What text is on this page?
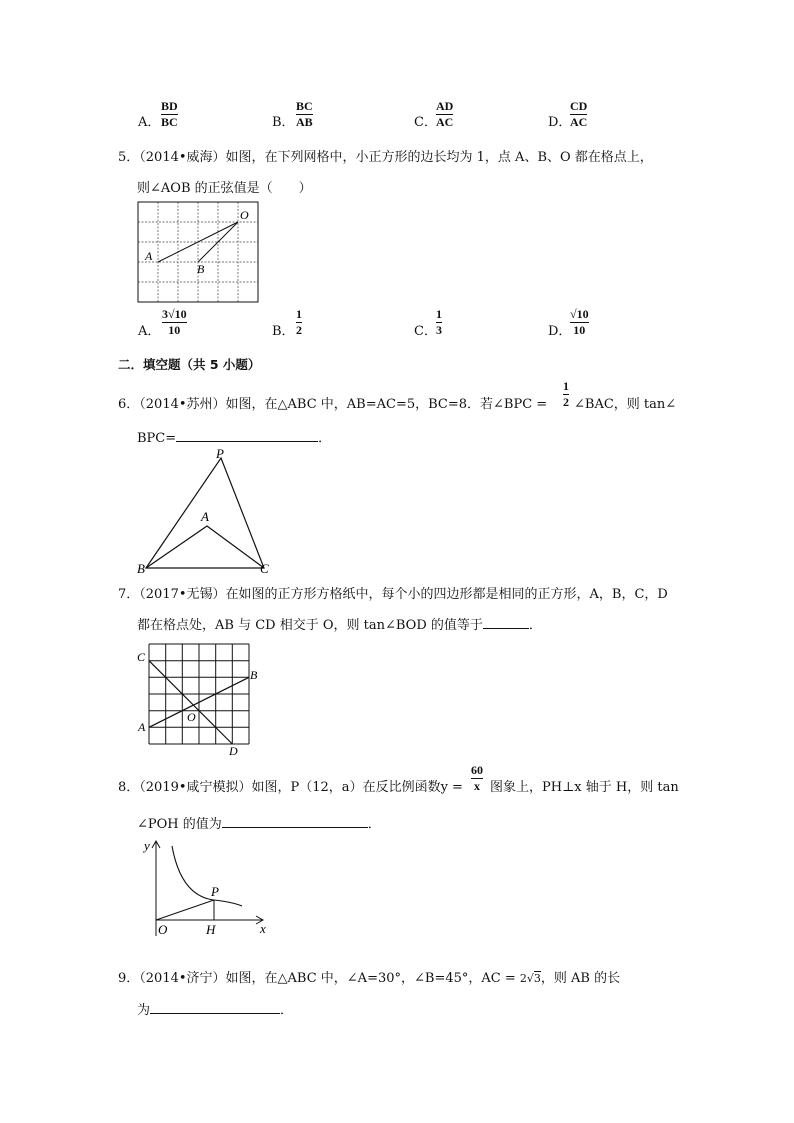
A．
BD
BC	B．
BC
AB	C．
AD
AC	D．
CD
AC
5．（2014•威海）如图，在下列网格中，小正方形的边长均为 1，点 A、B、O 都在格点上，
则∠AOB 的正弦值是（　　）
O
A
B
A．
3√10
10	B．
1
2	C．
1
3	D．
√10
10
二．填空题（共 5 小题）
6．（2014•苏州）如图，在△ABC 中，AB=AC=5，BC=8．若∠BPC =
1
2 ∠BAC，则 tan∠
BPC=	．
P
A
B	C
7．（2017•无锡）在如图的正方形方格纸中，每个小的四边形都是相同的正方形，A，B，C，D
都在格点处，AB 与 CD 相交于 O，则 tan∠BOD 的值等于	．
C
B
A
O
D
8．（2019•咸宁模拟）如图，P（12，a）在反比例函数y =
60
x 图象上，PH⊥x 轴于 H，则 tan
∠POH 的值为	．
y
x
O	H
P
9．（2014•济宁）如图，在△ABC 中，∠A=30°，∠B=45°，AC = 2√3，则 AB 的长
为	．
